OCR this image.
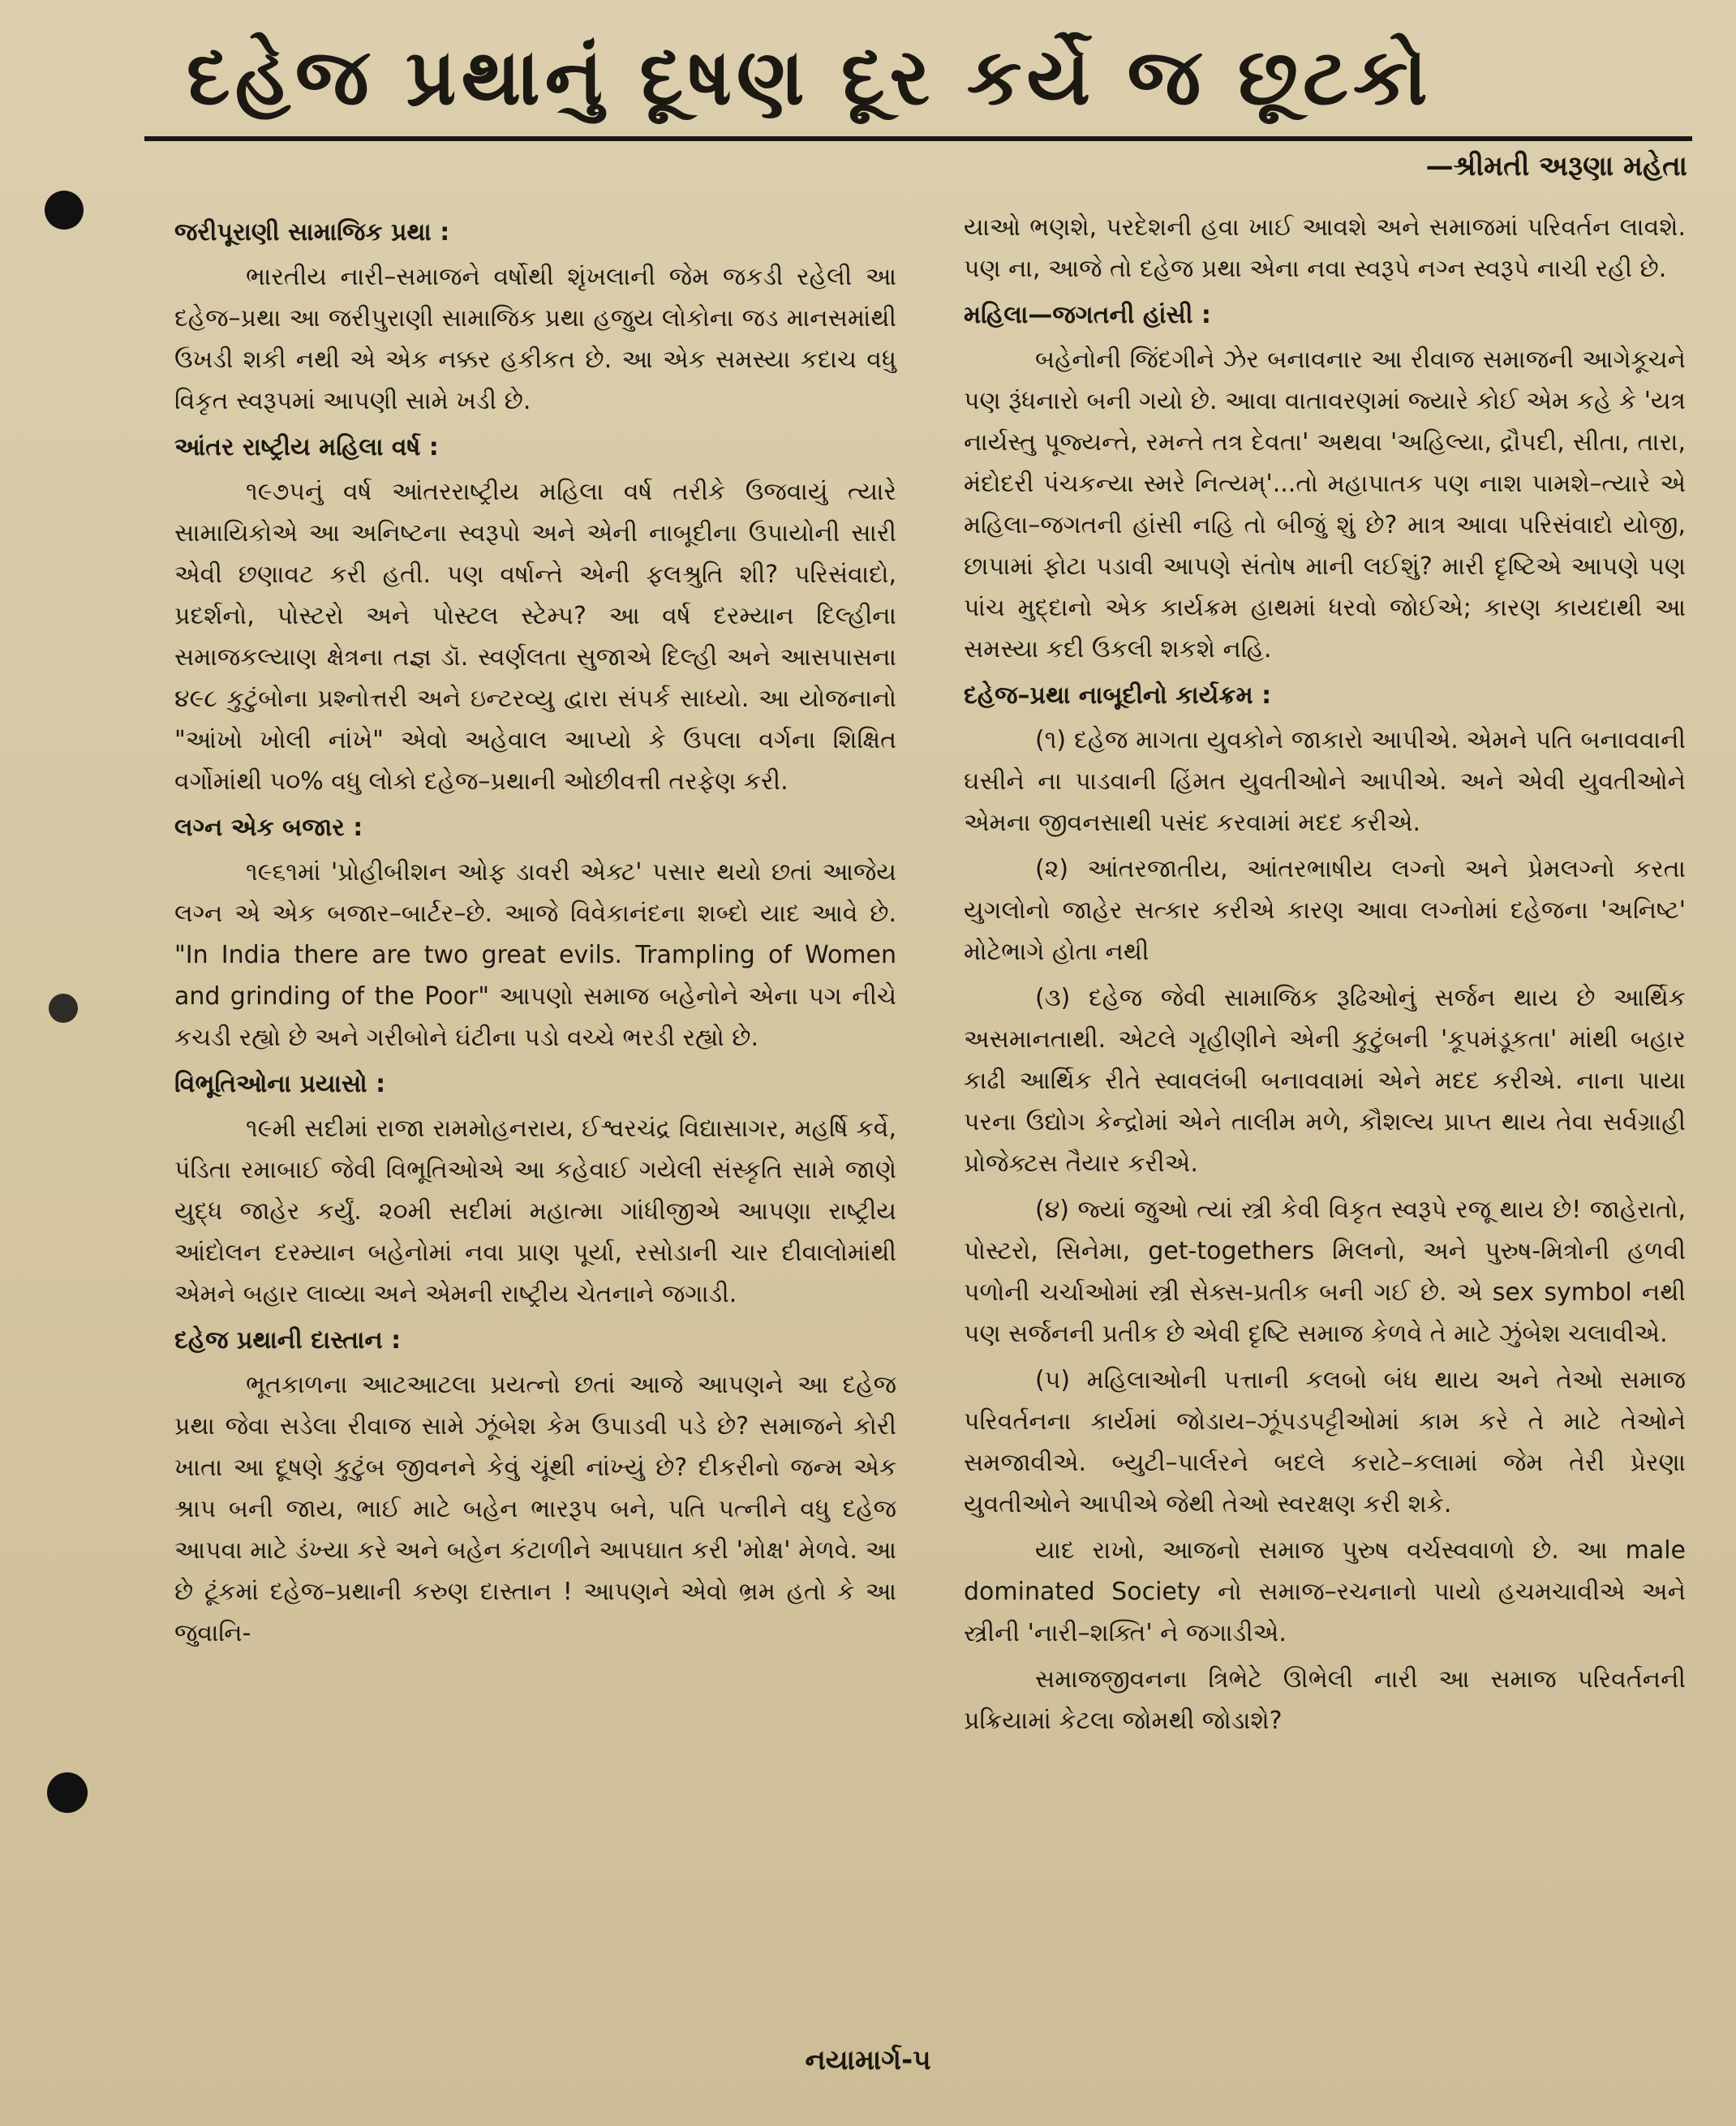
દહેજ પ્રથાનું દૂષણ દૂર કર્યે જ છૂટકો
—શ્રીમતી અરૂણા મહેતા
જરીપૂરાણી સામાજિક પ્રથા :
ભારતીય નારી–સમાજને વર્ષોથી શૃંખલાની જેમ જકડી રહેલી આ દહેજ–પ્રથા આ જરીપુરાણી સામાજિક પ્રથા હજુય લોકોના જડ માનસમાંથી ઉખડી શકી નથી એ એક નક્કર હકીકત છે. આ એક સમસ્યા કદાચ વધુ વિકૃત સ્વરૂપમાં આપણી સામે ખડી છે.
આંતર રાષ્ટ્રીય મહિલા વર્ષ :
૧૯૭૫નું વર્ષ આંતરરાષ્ટ્રીય મહિલા વર્ષ તરીકે ઉજવાયું ત્યારે સામાયિકોએ આ અનિષ્ટના સ્વરૂપો અને એની નાબૂદીના ઉપાયોની સારી એવી છણાવટ કરી હતી. પણ વર્ષાન્તે એની ફલશ્રુતિ શી? પરિસંવાદો, પ્રદર્શનો, પોસ્ટરો અને પોસ્ટલ સ્ટેમ્પ? આ વર્ષ દરમ્યાન દિલ્હીના સમાજકલ્યાણ ક્ષેત્રના તજ્ઞ ડૉ. સ્વર્ણલતા સુજાએ દિલ્હી અને આસપાસના ૪૯૮ કુટુંબોના પ્રશ્નોત્તરી અને ઇન્ટરવ્યુ દ્વારા સંપર્ક સાધ્યો. આ યોજનાનો "આંખો ખોલી નાંખે" એવો અહેવાલ આપ્યો કે ઉપલા વર્ગના શિક્ષિત વર્ગોમાંથી ૫૦% વધુ લોકો દહેજ–પ્રથાની ઓછીવત્તી તરફેણ કરી.
લગ્ન એક બજાર :
૧૯૬૧માં 'પ્રોહીબીશન ઓફ ડાવરી એક્ટ' પસાર થયો છતાં આજેય લગ્ન એ એક બજાર–બાર્ટર–છે. આજે વિવેકાનંદના શબ્દો યાદ આવે છે. "In India there are two great evils. Trampling of Women and grinding of the Poor" આપણો સમાજ બહેનોને એના પગ નીચે કચડી રહ્યો છે અને ગરીબોને ઘંટીના પડો વચ્ચે ભરડી રહ્યો છે.
વિભૂતિઓના પ્રયાસો :
૧૯મી સદીમાં રાજા રામમોહનરાય, ઈશ્વરચંદ્ર વિદ્યાસાગર, મહર્ષિ કર્વે, પંડિતા રમાબાઈ જેવી વિભૂતિઓએ આ કહેવાઈ ગયેલી સંસ્કૃતિ સામે જાણે યુદ્ધ જાહેર કર્યું. ૨૦મી સદીમાં મહાત્મા ગાંધીજીએ આપણા રાષ્ટ્રીય આંદોલન દરમ્યાન બહેનોમાં નવા પ્રાણ પૂર્યા, રસોડાની ચાર દીવાલોમાંથી એમને બહાર લાવ્યા અને એમની રાષ્ટ્રીય ચેતનાને જગાડી.
દહેજ પ્રથાની દાસ્તાન :
ભૂતકાળના આટઆટલા પ્રયત્નો છતાં આજે આપણને આ દહેજ પ્રથા જેવા સડેલા રીવાજ સામે ઝૂંબેશ કેમ ઉપાડવી પડે છે? સમાજને કોરી ખાતા આ દૂષણે કુટુંબ જીવનને કેવું ચૂંથી નાંખ્યું છે? દીકરીનો જન્મ એક શ્રાપ બની જાય, ભાઈ માટે બહેન ભારરૂપ બને, પતિ પત્નીને વધુ દહેજ આપવા માટે ડંખ્યા કરે અને બહેન કંટાળીને આપઘાત કરી 'મોક્ષ' મેળવે. આ છે ટૂંકમાં દહેજ–પ્રથાની કરુણ દાસ્તાન ! આપણને એવો ભ્રમ હતો કે આ જુવાનિ-
યાઓ ભણશે, પરદેશની હવા ખાઈ આવશે અને સમાજમાં પરિવર્તન લાવશે. પણ ના, આજે તો દહેજ પ્રથા એના નવા સ્વરૂપે નગ્ન સ્વરૂપે નાચી રહી છે.
મહિલા—જગતની હાંસી :
બહેનોની જિંદગીને ઝેર બનાવનાર આ રીવાજ સમાજની આગેકૂચને પણ રૂંધનારો બની ગયો છે. આવા વાતાવરણમાં જ્યારે કોઈ એમ કહે કે 'યત્ર નાર્યસ્તુ પૂજ્યન્તે, રમન્તે તત્ર દેવતા' અથવા 'અહિલ્યા, દ્રૌપદી, સીતા, તારા, મંદોદરી પંચકન્યા સ્મરે નિત્યમ્'...તો મહાપાતક પણ નાશ પામશે–ત્યારે એ મહિલા–જગતની હાંસી નહિ તો બીજું શું છે? માત્ર આવા પરિસંવાદો યોજી, છાપામાં ફોટા પડાવી આપણે સંતોષ માની લઈશું? મારી દૃષ્ટિએ આપણે પણ પાંચ મુદ્દાનો એક કાર્યક્રમ હાથમાં ધરવો જોઈએ; કારણ કાયદાથી આ સમસ્યા કદી ઉકલી શકશે નહિ.
દહેજ–પ્રથા નાબૂદીનો કાર્યક્રમ :
(૧) દહેજ માગતા યુવકોને જાકારો આપીએ. એમને પતિ બનાવવાની ઘસીને ના પાડવાની હિંમત યુવતીઓને આપીએ. અને એવી યુવતીઓને એમના જીવનસાથી પસંદ કરવામાં મદદ કરીએ.
(૨) આંતરજાતીય, આંતરભાષીય લગ્નો અને પ્રેમલગ્નો કરતા યુગલોનો જાહેર સત્કાર કરીએ કારણ આવા લગ્નોમાં દહેજના 'અનિષ્ટ' મોટેભાગે હોતા નથી
(૩) દહેજ જેવી સામાજિક રૂઢિઓનું સર્જન થાય છે આર્થિક અસમાનતાથી. એટલે ગૃહીણીને એની કુટુંબની 'કૂપમંડૂકતા' માંથી બહાર કાઢી આર્થિક રીતે સ્વાવલંબી બનાવવામાં એને મદદ કરીએ. નાના પાયા પરના ઉદ્યોગ કેન્દ્રોમાં એને તાલીમ મળે, કૌશલ્ય પ્રાપ્ત થાય તેવા સર્વગ્રાહી પ્રોજેક્ટસ તૈયાર કરીએ.
(૪) જ્યાં જુઓ ત્યાં સ્ત્રી કેવી વિકૃત સ્વરૂપે રજૂ થાય છે! જાહેરાતો, પોસ્ટરો, સિનેમા, get-togethers મિલનો, અને પુરુષ-મિત્રોની હળવી પળોની ચર્ચાઓમાં સ્ત્રી સેક્સ-પ્રતીક બની ગઈ છે. એ sex symbol નથી પણ સર્જનની પ્રતીક છે એવી દૃષ્ટિ સમાજ કેળવે તે માટે ઝુંબેશ ચલાવીએ.
(૫) મહિલાઓની પત્તાની કલબો બંધ થાય અને તેઓ સમાજ પરિવર્તનના કાર્યમાં જોડાય–ઝૂંપડપટ્ટીઓમાં કામ કરે તે માટે તેઓને સમજાવીએ. બ્યુટી–પાર્લરને બદલે કરાટે–કલામાં જેમ તેરી પ્રેરણા યુવતીઓને આપીએ જેથી તેઓ સ્વરક્ષણ કરી શકે.
યાદ રાખો, આજનો સમાજ પુરુષ વર્ચસ્વવાળો છે. આ male dominated Society નો સમાજ–રચનાનો પાયો હચમચાવીએ અને સ્ત્રીની 'નારી–શક્તિ' ને જગાડીએ.
સમાજજીવનના ત્રિભેટે ઊભેલી નારી આ સમાજ પરિવર્તનની પ્રક્રિયામાં કેટલા જોમથી જોડાશે?
નયામાર્ગ-૫
